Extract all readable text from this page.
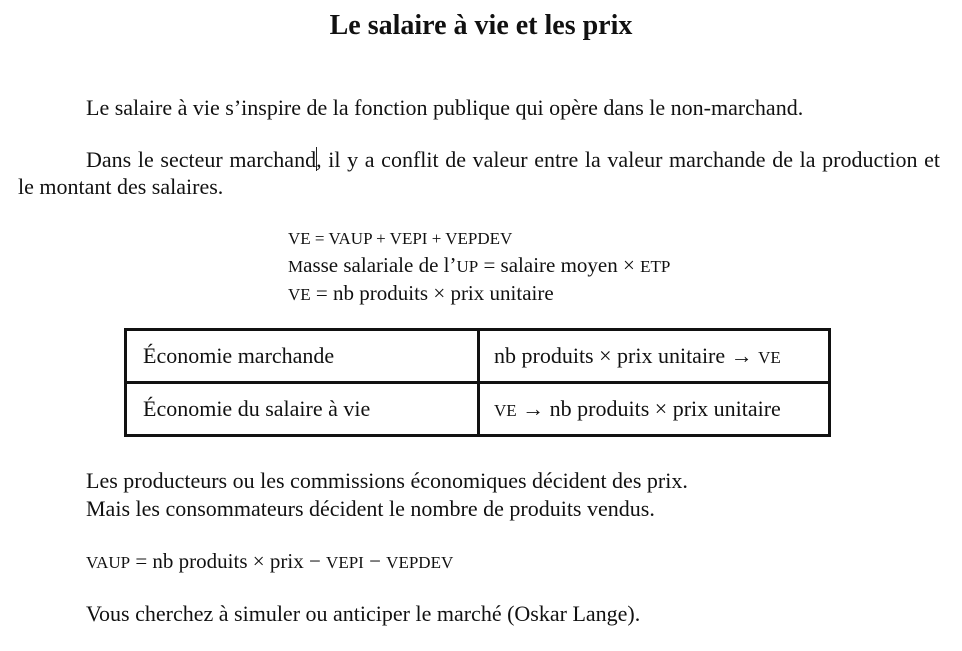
Le salaire à vie et les prix
Le salaire à vie s’inspire de la fonction publique qui opère dans le non-marchand.
Dans le secteur marchand, il y a conflit de valeur entre la valeur marchande de la production et le montant des salaires.
VE = VAUP + VEPI + VEPDEV
Masse salariale de l’UP = salaire moyen × ETP
VE = nb produits × prix unitaire
Économie marchande	nb produits × prix unitaire → VE
Économie du salaire à vie	VE → nb produits × prix unitaire
Les producteurs ou les commissions économiques décident des prix.
Mais les consommateurs décident le nombre de produits vendus.
VAUP = nb produits × prix − VEPI − VEPDEV
Vous cherchez à simuler ou anticiper le marché (Oskar Lange).
